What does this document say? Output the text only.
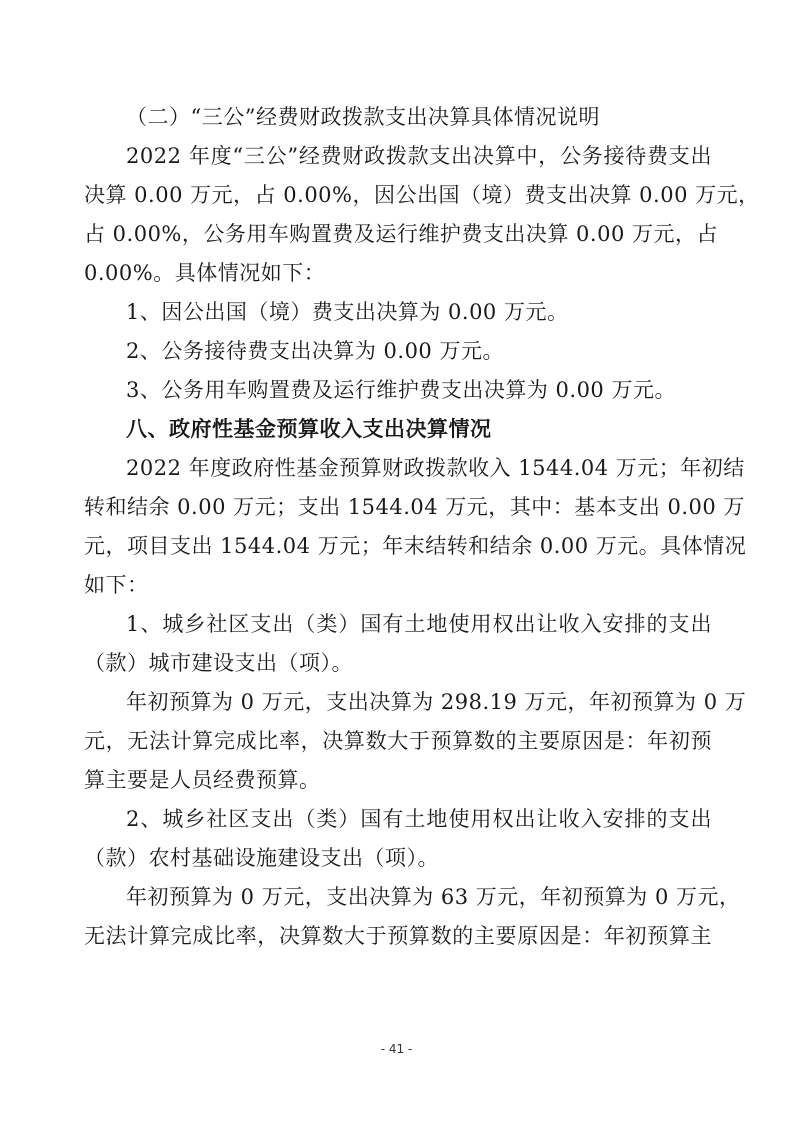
（二）“三公”经费财政拨款支出决算具体情况说明
2022 年度“三公”经费财政拨款支出决算中，公务接待费支出
决算 0.00 万元，占 0.00%，因公出国（境）费支出决算 0.00 万元，
占 0.00%，公务用车购置费及运行维护费支出决算 0.00 万元，占
0.00%。具体情况如下：
1、因公出国（境）费支出决算为 0.00 万元。
2、公务接待费支出决算为 0.00 万元。
3、公务用车购置费及运行维护费支出决算为 0.00 万元。
八、政府性基金预算收入支出决算情况
2022 年度政府性基金预算财政拨款收入 1544.04 万元；年初结
转和结余 0.00 万元；支出 1544.04 万元，其中：基本支出 0.00 万
元，项目支出 1544.04 万元；年末结转和结余 0.00 万元。具体情况
如下：
1、城乡社区支出（类）国有土地使用权出让收入安排的支出
（款）城市建设支出（项）。
年初预算为 0 万元，支出决算为 298.19 万元，年初预算为 0 万
元，无法计算完成比率，决算数大于预算数的主要原因是：年初预
算主要是人员经费预算。
2、城乡社区支出（类）国有土地使用权出让收入安排的支出
（款）农村基础设施建设支出（项）。
年初预算为 0 万元，支出决算为 63 万元，年初预算为 0 万元，
无法计算完成比率，决算数大于预算数的主要原因是：年初预算主
- 41 -
